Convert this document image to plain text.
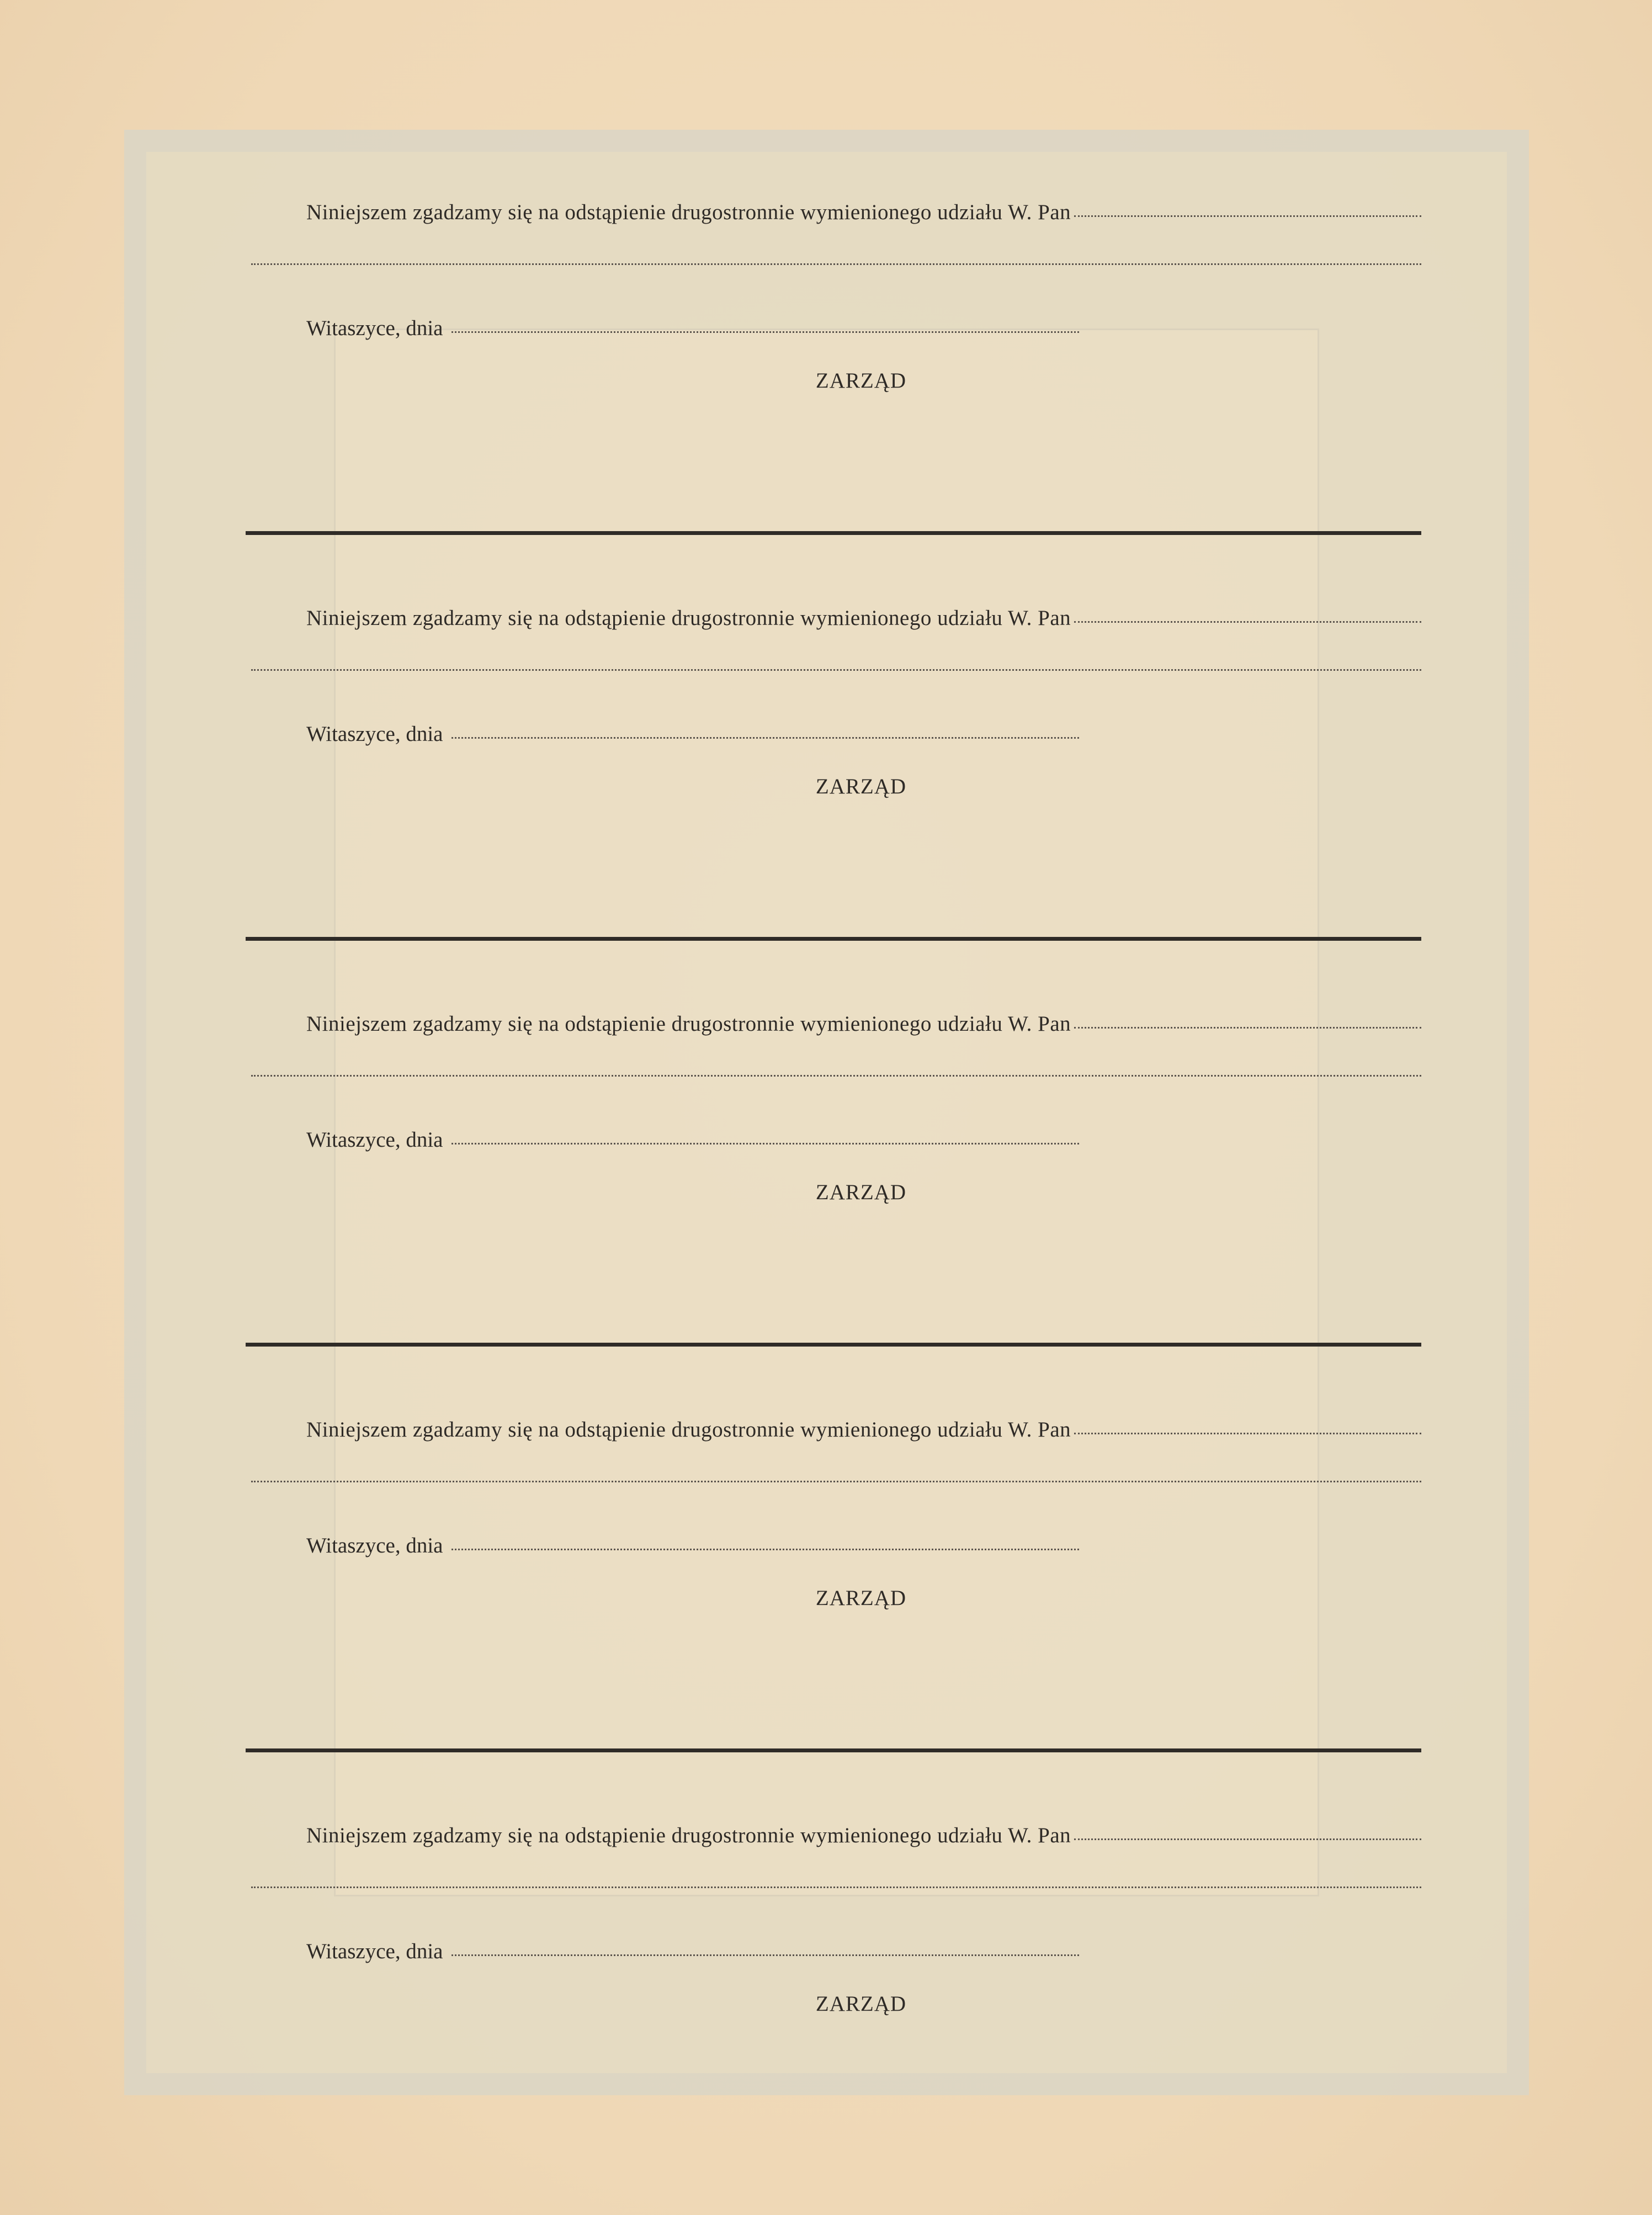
Niniejszem zgadzamy się na odstąpienie drugostronnie wymienionego udziału W. Pan
Witaszyce, dnia
ZARZĄD
Niniejszem zgadzamy się na odstąpienie drugostronnie wymienionego udziału W. Pan
Witaszyce, dnia
ZARZĄD
Niniejszem zgadzamy się na odstąpienie drugostronnie wymienionego udziału W. Pan
Witaszyce, dnia
ZARZĄD
Niniejszem zgadzamy się na odstąpienie drugostronnie wymienionego udziału W. Pan
Witaszyce, dnia
ZARZĄD
Niniejszem zgadzamy się na odstąpienie drugostronnie wymienionego udziału W. Pan
Witaszyce, dnia
ZARZĄD
